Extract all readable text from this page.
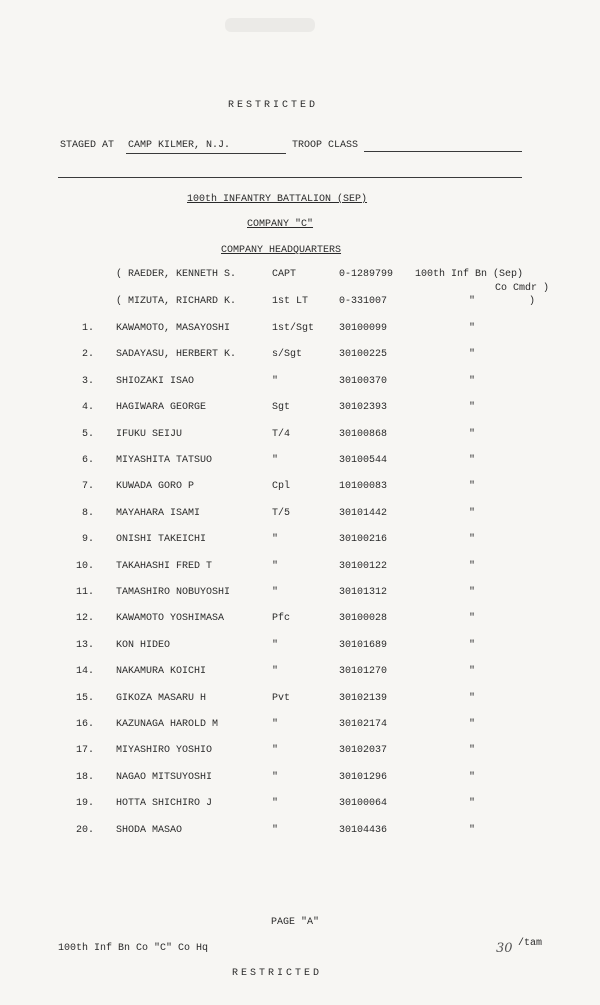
RESTRICTED
STAGED AT CAMP KILMER, N.J.	TROOP CLASS
100th INFANTRY BATTALION (SEP)
COMPANY "C"
COMPANY HEADQUARTERS
( RAEDER, KENNETH S.	CAPT	0-1289799 100th Inf Bn (Sep)
Co Cmdr )
( MIZUTA, RICHARD K.	1st LT	0-331007	"	)
1. KAWAMOTO, MASAYOSHI	1st/Sgt 30100099	"
2. SADAYASU, HERBERT K.	s/Sgt	30100225	"
3. SHIOZAKI ISAO	"	30100370	"
4. HAGIWARA GEORGE	Sgt	30102393	"
5. IFUKU SEIJU	T/4	30100868	"
6. MIYASHITA TATSUO	"	30100544	"
7. KUWADA GORO P	Cpl	10100083	"
8. MAYAHARA ISAMI	T/5	30101442	"
9. ONISHI TAKEICHI	"	30100216	"
10. TAKAHASHI FRED T	"	30100122	"
11. TAMASHIRO NOBUYOSHI	"	30101312	"
12. KAWAMOTO YOSHIMASA	Pfc	30100028	"
13. KON HIDEO	"	30101689	"
14. NAKAMURA KOICHI	"	30101270	"
15. GIKOZA MASARU H	Pvt	30102139	"
16. KAZUNAGA HAROLD M	"	30102174	"
17. MIYASHIRO YOSHIO	"	30102037	"
18. NAGAO MITSUYOSHI	"	30101296	"
19. HOTTA SHICHIRO J	"	30100064	"
20. SHODA MASAO	"	30104436	"
PAGE "A"
100th Inf Bn Co "C" Co Hq	30 /tam
RESTRICTED
